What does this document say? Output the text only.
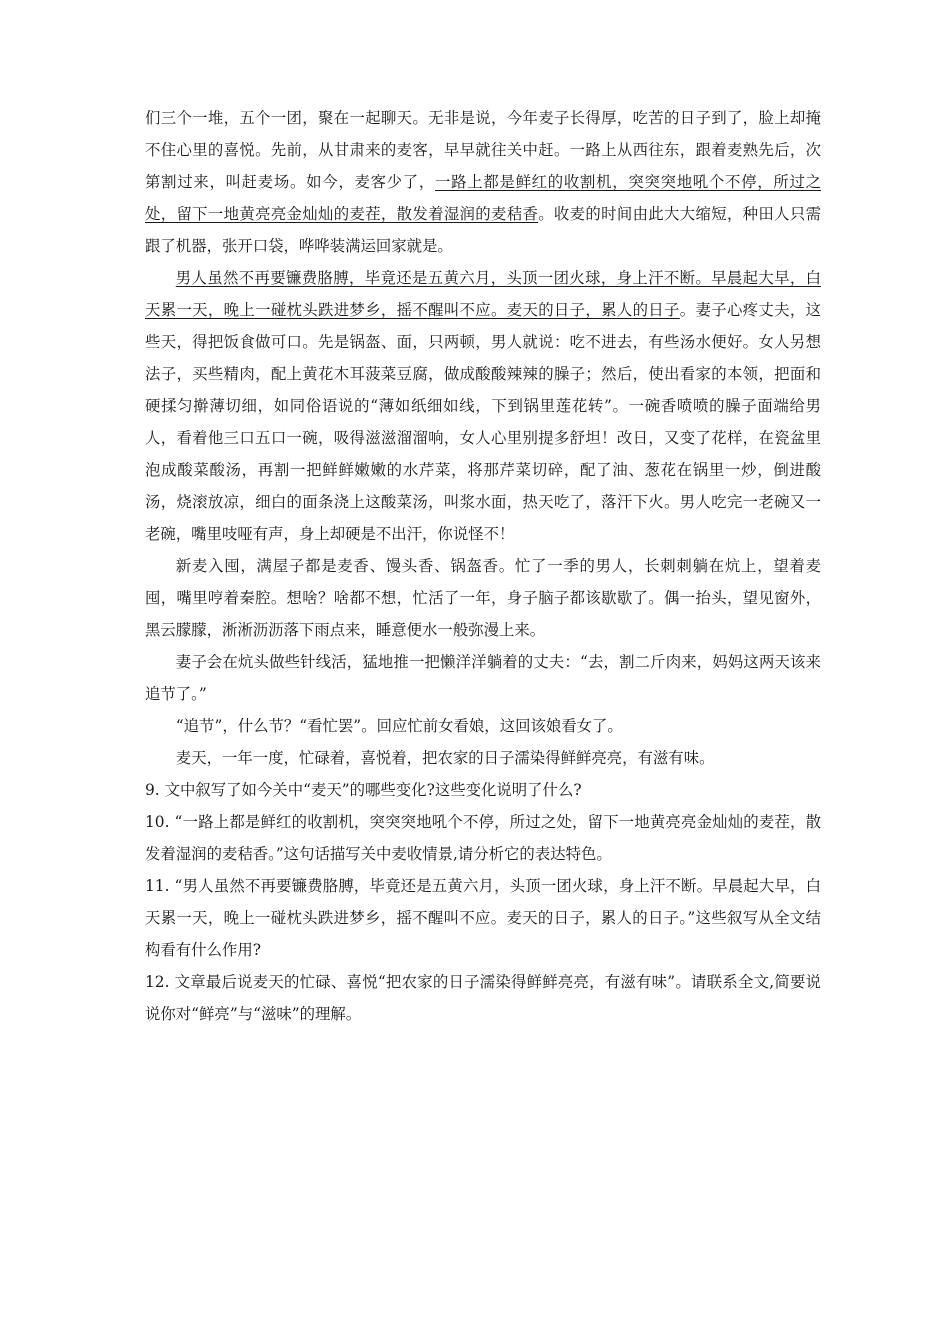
们三个一堆，五个一团，聚在一起聊天。无非是说，今年麦子长得厚，吃苦的日子到了，脸上却掩不住心里的喜悦。先前，从甘肃来的麦客，早早就往关中赶。一路上从西往东，跟着麦熟先后，次第割过来，叫赶麦场。如今，麦客少了，一路上都是鲜红的收割机，突突突地吼个不停，所过之处，留下一地黄亮亮金灿灿的麦茬，散发着湿润的麦秸香。收麦的时间由此大大缩短，种田人只需跟了机器，张开口袋，哗哗装满运回家就是。

男人虽然不再要镰费胳膊，毕竟还是五黄六月，头顶一团火球，身上汗不断。早晨起大早，白天累一天，晚上一碰枕头跌进梦乡，摇不醒叫不应。麦天的日子，累人的日子。妻子心疼丈夫，这些天，得把饭食做可口。先是锅盔、面，只两顿，男人就说：吃不进去，有些汤水便好。女人另想法子，买些精肉，配上黄花木耳菠菜豆腐，做成酸酸辣辣的臊子；然后，使出看家的本领，把面和硬揉匀擀薄切细，如同俗语说的“薄如纸细如线，下到锅里莲花转”。一碗香喷喷的臊子面端给男人，看着他三口五口一碗，吸得滋滋溜溜响，女人心里别提多舒坦！改日，又变了花样，在瓷盆里泡成酸菜酸汤，再割一把鲜鲜嫩嫩的水芹菜，将那芹菜切碎，配了油、葱花在锅里一炒，倒进酸汤，烧滚放凉，细白的面条浇上这酸菜汤，叫浆水面，热天吃了，落汗下火。男人吃完一老碗又一老碗，嘴里吱哑有声，身上却硬是不出汗，你说怪不！

新麦入囤，满屋子都是麦香、馒头香、锅盔香。忙了一季的男人，长刺刺躺在炕上，望着麦囤，嘴里哼着秦腔。想啥？啥都不想，忙活了一年，身子脑子都该歇歇了。偶一抬头，望见窗外，黑云朦朦，淅淅沥沥落下雨点来，睡意便水一般弥漫上来。

妻子会在炕头做些针线活，猛地推一把懒洋洋躺着的丈夫：“去，割二斤肉来，妈妈这两天该来追节了。”

“追节”，什么节？“看忙罢”。回应忙前女看娘，这回该娘看女了。

麦天，一年一度，忙碌着，喜悦着，把农家的日子濡染得鲜鲜亮亮，有滋有味。

9. 文中叙写了如今关中“麦天”的哪些变化?这些变化说明了什么?

10. “一路上都是鲜红的收割机，突突突地吼个不停，所过之处，留下一地黄亮亮金灿灿的麦茬，散发着湿润的麦秸香。”这句话描写关中麦收情景,请分析它的表达特色。

11. “男人虽然不再要镰费胳膊，毕竟还是五黄六月，头顶一团火球，身上汗不断。早晨起大早，白天累一天，晚上一碰枕头跌进梦乡，摇不醒叫不应。麦天的日子，累人的日子。”这些叙写从全文结构看有什么作用?

12. 文章最后说麦天的忙碌、喜悦“把农家的日子濡染得鲜鲜亮亮，有滋有味”。请联系全文,简要说说你对“鲜亮”与“滋味”的理解。
